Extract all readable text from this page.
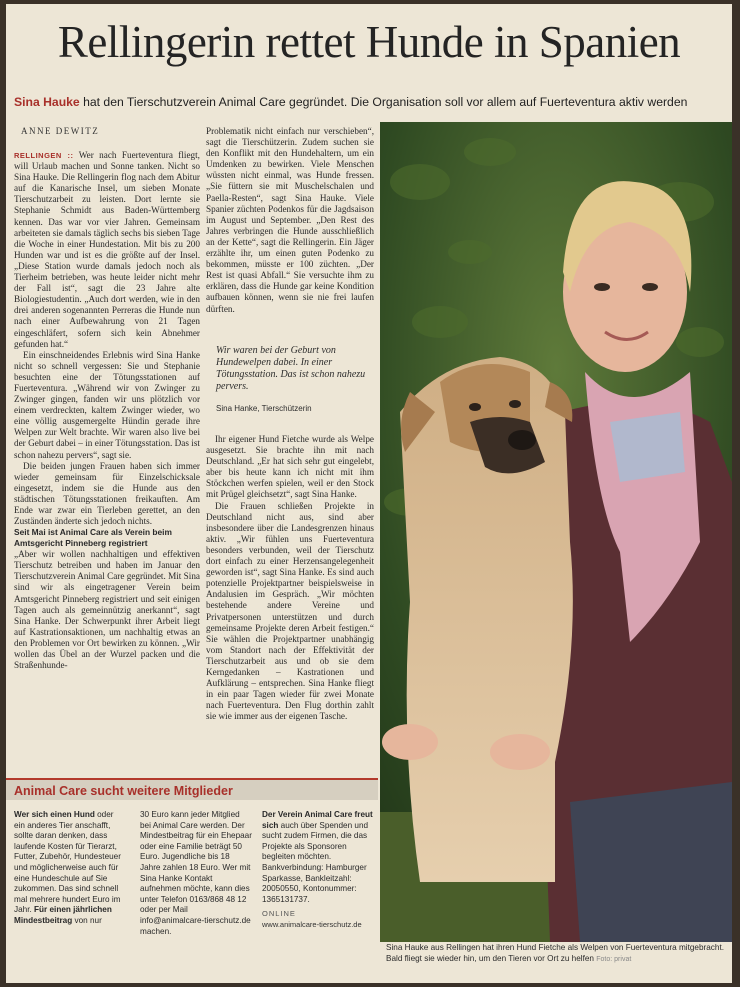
Rellingerin rettet Hunde in Spanien
Sina Hauke hat den Tierschutzverein Animal Care gegründet. Die Organisation soll vor allem auf Fuerteventura aktiv werden
ANNE DEWITZ

RELLINGEN :: Wer nach Fuerteventura fliegt, will Urlaub machen und Sonne tanken. Nicht so Sina Hauke. Die Rellingerin flog nach dem Abitur auf die Kanarische Insel, um sieben Monate Tierschutzarbeit zu leisten. Dort lernte sie Stephanie Schmidt aus Baden-Württemberg kennen. Das war vor vier Jahren. Gemeinsam arbeiteten sie damals täglich sechs bis sieben Tage die Woche in einer Hundestation. Mit bis zu 200 Hunden war und ist es die größte auf der Insel. „Diese Station wurde damals jedoch noch als Tierheim betrieben, was heute leider nicht mehr der Fall ist“, sagt die 23 Jahre alte Biologiestudentin. „Auch dort werden, wie in den drei anderen sogenannten Perreras die Hunde nun nach einer Aufbewahrung von 21 Tagen eingeschläfert, sofern sich kein Abnehmer gefunden hat.“

Ein einschneidendes Erlebnis wird Sina Hanke nicht so schnell vergessen: Sie und Stephanie besuchten eine der Tötungsstationen auf Fuerteventura. „Während wir von Zwinger zu Zwinger gingen, fanden wir uns plötzlich vor einem verdreckten, kaltem Zwinger wieder, wo eine völlig ausgemergelte Hündin gerade ihre Welpen zur Welt brachte. Wir waren also live bei der Geburt dabei – in einer Tötungsstation. Das ist schon nahezu pervers“, sagt sie.

Die beiden jungen Frauen haben sich immer wieder gemeinsam für Einzelschicksale eingesetzt, indem sie die Hunde aus den städtischen Tötungsstationen freikauften. Am Ende war zwar ein Tierleben gerettet, an den Zuständen änderte sich jedoch nichts.

Seit Mai ist Animal Care als Verein beim Amtsgericht Pinneberg registriert

„Aber wir wollen nachhaltigen und effektiven Tierschutz betreiben und haben im Januar den Tierschutzverein Animal Care gegründet. Mit Sina sind wir als eingetragener Verein beim Amtsgericht Pinneberg registriert und seit einigen Tagen auch als gemeinnützig anerkannt“, sagt Sina Hanke. Der Schwerpunkt ihrer Arbeit liegt auf Kastrationsaktionen, um nachhaltig etwas an den Problemen vor Ort bewirken zu können. „Wir wollen das Übel an der Wurzel packen und die Straßenhunde-

Problematik nicht einfach nur verschieben“, sagt die Tierschützerin. Zudem suchen sie den Konflikt mit den Hundehaltern, um ein Umdenken zu bewirken. Viele Menschen wüssten nicht einmal, was Hunde fressen. „Sie füttern sie mit Muschelschalen und Paella-Resten“, sagt Sina Hauke. Viele Spanier züchten Podenkos für die Jagdsaison im August und September. „Den Rest des Jahres verbringen die Hunde ausschließlich an der Kette“, sagt die Rellingerin. Ein Jäger erzählte ihr, um einen guten Podenko zu bekommen, müsste er 100 züchten. „Der Rest ist quasi Abfall.“ Sie versuchte ihm zu erklären, dass die Hunde gar keine Kondition aufbauen können, wenn sie nie frei laufen dürften.

Wir waren bei der Geburt von Hundewelpen dabei. In einer Tötungsstation. Das ist schon nahezu pervers.
Sina Hanke, Tierschützerin

Ihr eigener Hund Fietche wurde als Welpe ausgesetzt. Sie brachte ihn mit nach Deutschland. „Er hat sich sehr gut eingelebt, aber bis heute kann ich nicht mit ihm Stöckchen werfen spielen, weil er den Stock mit Prügel gleichsetzt“, sagt Sina Hanke.

Die Frauen schließen Projekte in Deutschland nicht aus, sind aber insbesondere über die Landesgrenzen hinaus aktiv. „Wir fühlen uns Fuerteventura besonders verbunden, weil der Tierschutz dort einfach zu einer Herzensangelegenheit geworden ist“, sagt Sina Hanke. Es sind auch potenzielle Projektpartner beispielsweise in Andalusien im Gespräch. „Wir möchten bestehende andere Vereine und Privatpersonen unterstützen und durch gemeinsame Projekte deren Arbeit festigen.“ Sie wählen die Projektpartner unabhängig vom Standort nach der Effektivität der Tierschutzarbeit aus und ob sie dem Kerngedanken – Kastrationen und Aufklärung – entsprechen. Sina Hanke fliegt in ein paar Tagen wieder für zwei Monate nach Fuerteventura. Den Flug dorthin zahlt sie wie immer aus der eigenen Tasche.

Sina Hauke aus Rellingen hat ihren Hund Fietche als Welpen von Fuerteventura mitgebracht. Bald fliegt sie wieder hin, um den Tieren vor Ort zu helfen Foto: privat
Animal Care sucht weitere Mitglieder
Wer sich einen Hund oder ein anderes Tier anschafft, sollte daran denken, dass laufende Kosten für Tierarzt, Futter, Zubehör, Hundesteuer und möglicherweise auch für eine Hundeschule auf Sie zukommen. Das sind schnell mal mehrere hundert Euro im Jahr. Für einen jährlichen Mindestbeitrag von nur
30 Euro kann jeder Mitglied bei Animal Care werden. Der Mindestbeitrag für ein Ehepaar oder eine Familie beträgt 50 Euro. Jugendliche bis 18 Jahre zahlen 18 Euro. Wer mit Sina Hanke Kontakt aufnehmen möchte, kann dies unter Telefon 0163/868 48 12 oder per Mail info@animalcare-tierschutz.de machen.
Der Verein Animal Care freut sich auch über Spenden und sucht zudem Firmen, die das Projekte als Sponsoren begleiten möchten. Bankverbindung: Hamburger Sparkasse, Bankleitzahl: 20050550, Kontonummer: 1365131737.
ONLINE
www.animalcare-tierschutz.de
